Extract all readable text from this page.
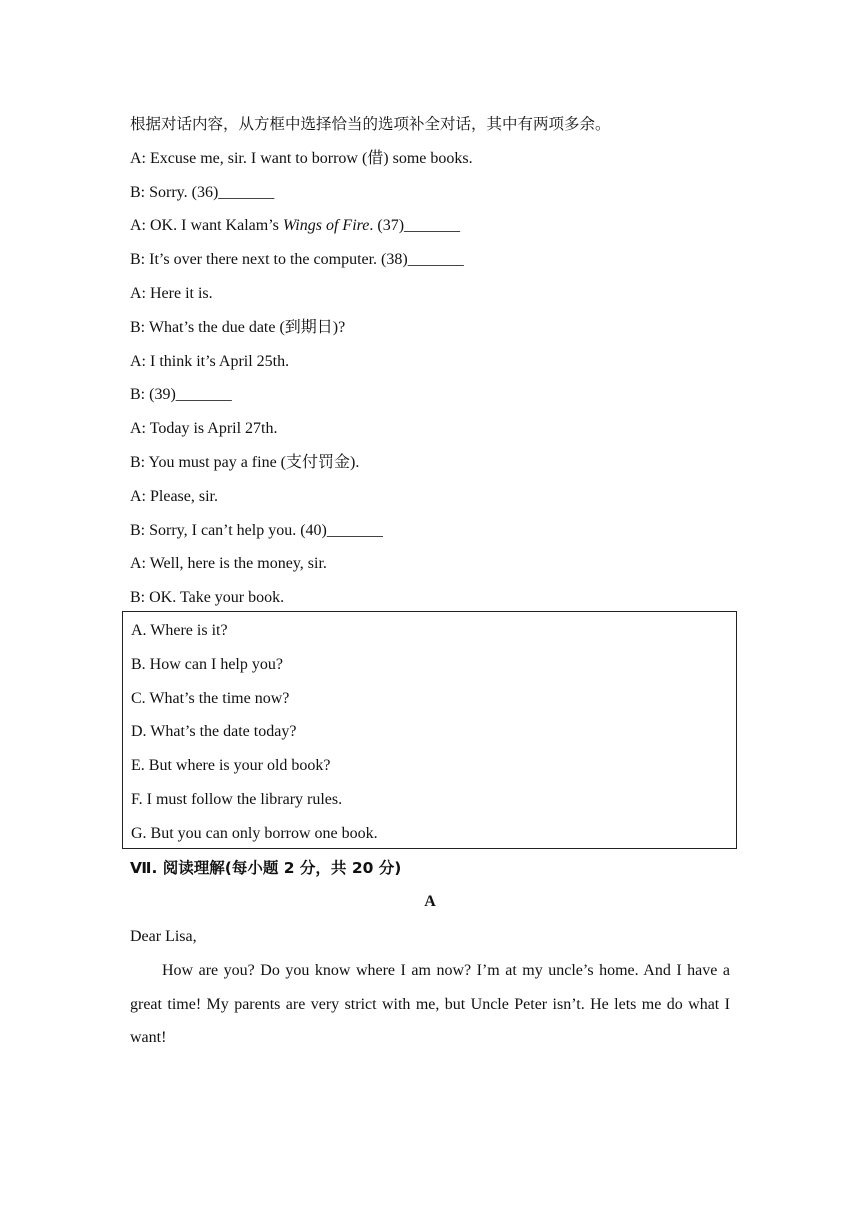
根据对话内容，从方框中选择恰当的选项补全对话，其中有两项多余。
A: Excuse me, sir. I want to borrow (借) some books.
B: Sorry. (36)_______
A: OK. I want Kalam’s Wings of Fire. (37)_______
B: It’s over there next to the computer. (38)_______
A: Here it is.
B: What’s the due date (到期日)?
A: I think it’s April 25th.
B: (39)_______
A: Today is April 27th.
B: You must pay a fine (支付罚金).
A: Please, sir.
B: Sorry, I can’t help you. (40)_______
A: Well, here is the money, sir.
B: OK. Take your book.
A. Where is it?
B. How can I help you?
C. What’s the time now?
D. What’s the date today?
E. But where is your old book?
F. I must follow the library rules.
G. But you can only borrow one book.
Ⅶ. 阅读理解(每小题 2 分，共 20 分)
A
Dear Lisa,
How are you? Do you know where I am now? I’m at my uncle’s home. And I have a great time! My parents are very strict with me, but Uncle Peter isn’t. He lets me do what I want!
